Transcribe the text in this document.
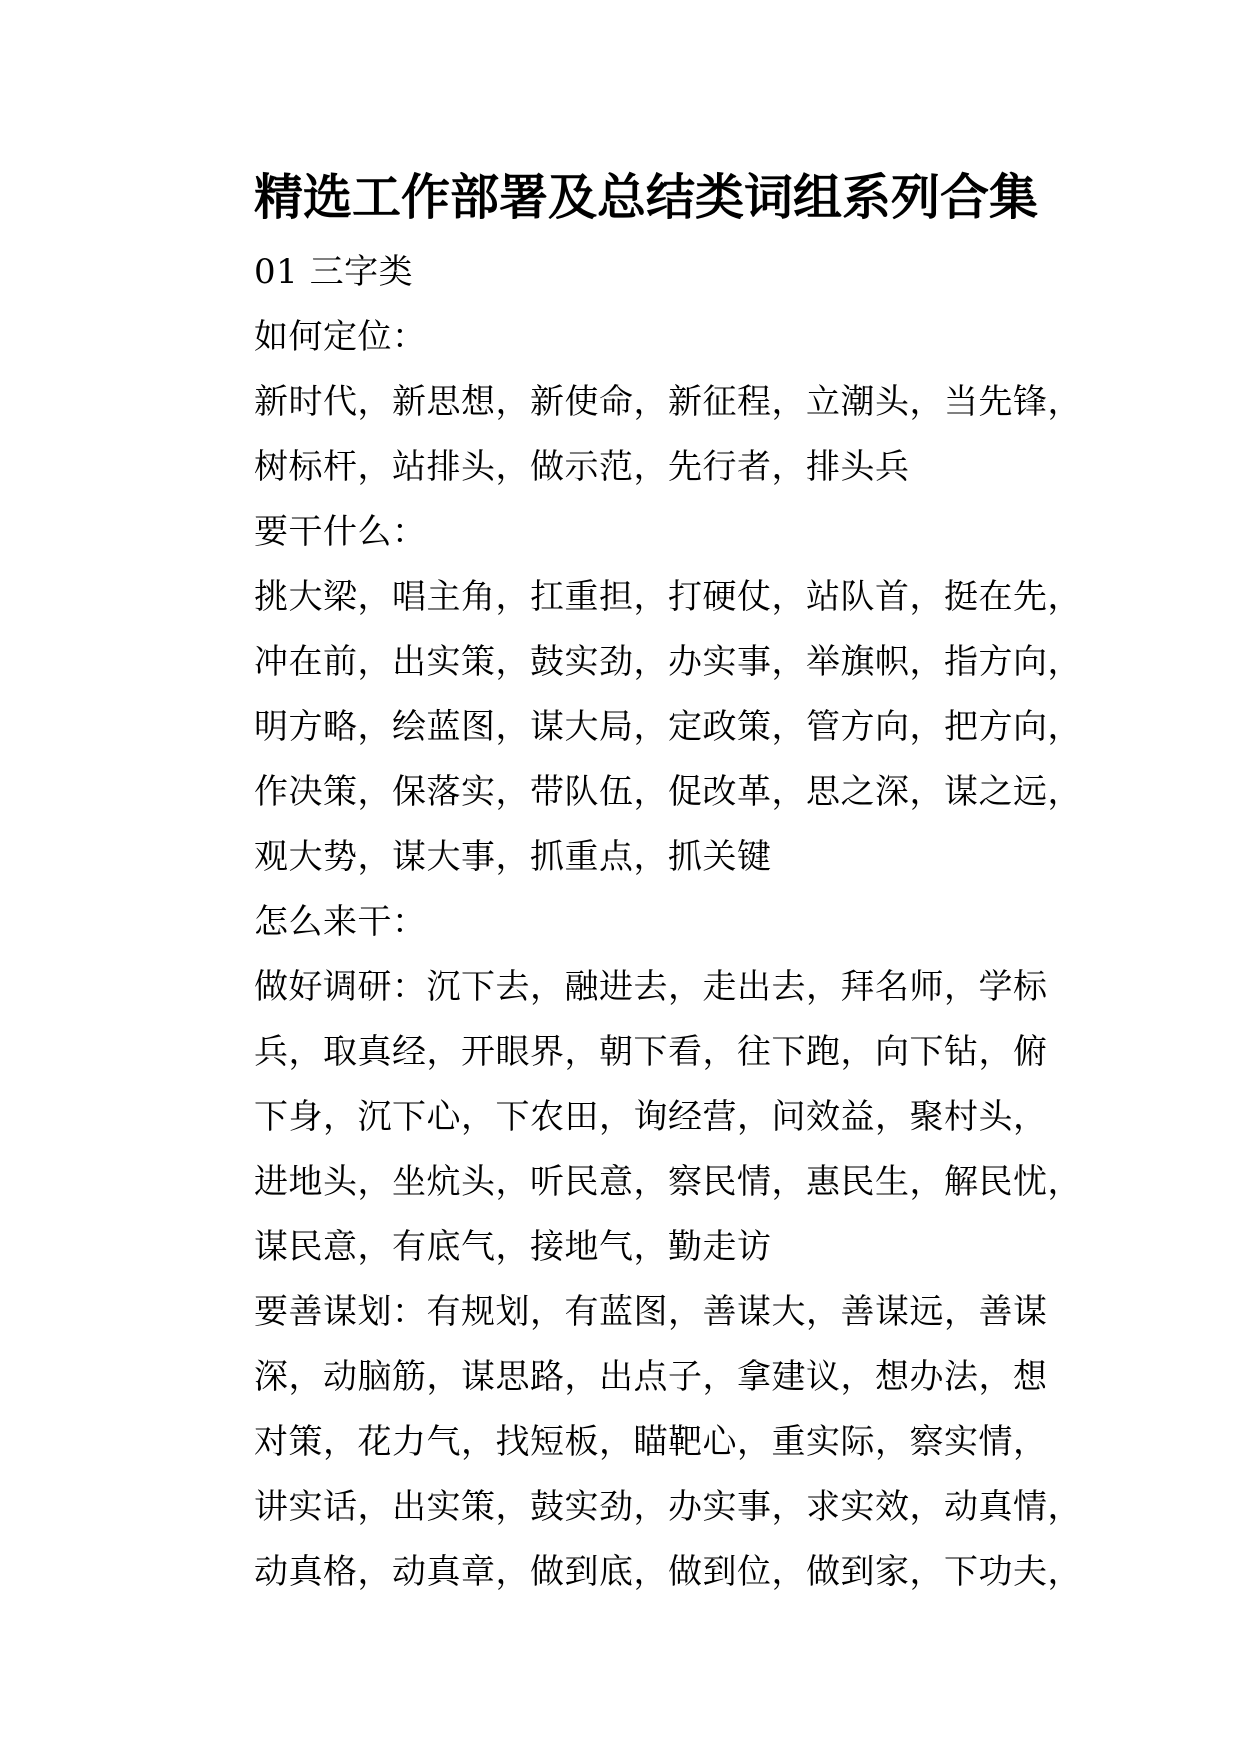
精选工作部署及总结类词组系列合集
01 三字类
如何定位：
新时代，新思想，新使命，新征程，立潮头，当先锋，
树标杆，站排头，做示范，先行者，排头兵
要干什么：
挑大梁，唱主角，扛重担，打硬仗，站队首，挺在先，
冲在前，出实策，鼓实劲，办实事，举旗帜，指方向，
明方略，绘蓝图，谋大局，定政策，管方向，把方向，
作决策，保落实，带队伍，促改革，思之深，谋之远，
观大势，谋大事，抓重点，抓关键
怎么来干：
做好调研：沉下去，融进去，走出去，拜名师，学标
兵，取真经，开眼界，朝下看，往下跑，向下钻，俯
下身，沉下心，下农田，询经营，问效益，聚村头，
进地头，坐炕头，听民意，察民情，惠民生，解民忧，
谋民意，有底气，接地气，勤走访
要善谋划：有规划，有蓝图，善谋大，善谋远，善谋
深，动脑筋，谋思路，出点子，拿建议，想办法，想
对策，花力气，找短板，瞄靶心，重实际，察实情，
讲实话，出实策，鼓实劲，办实事，求实效，动真情，
动真格，动真章，做到底，做到位，做到家，下功夫，
